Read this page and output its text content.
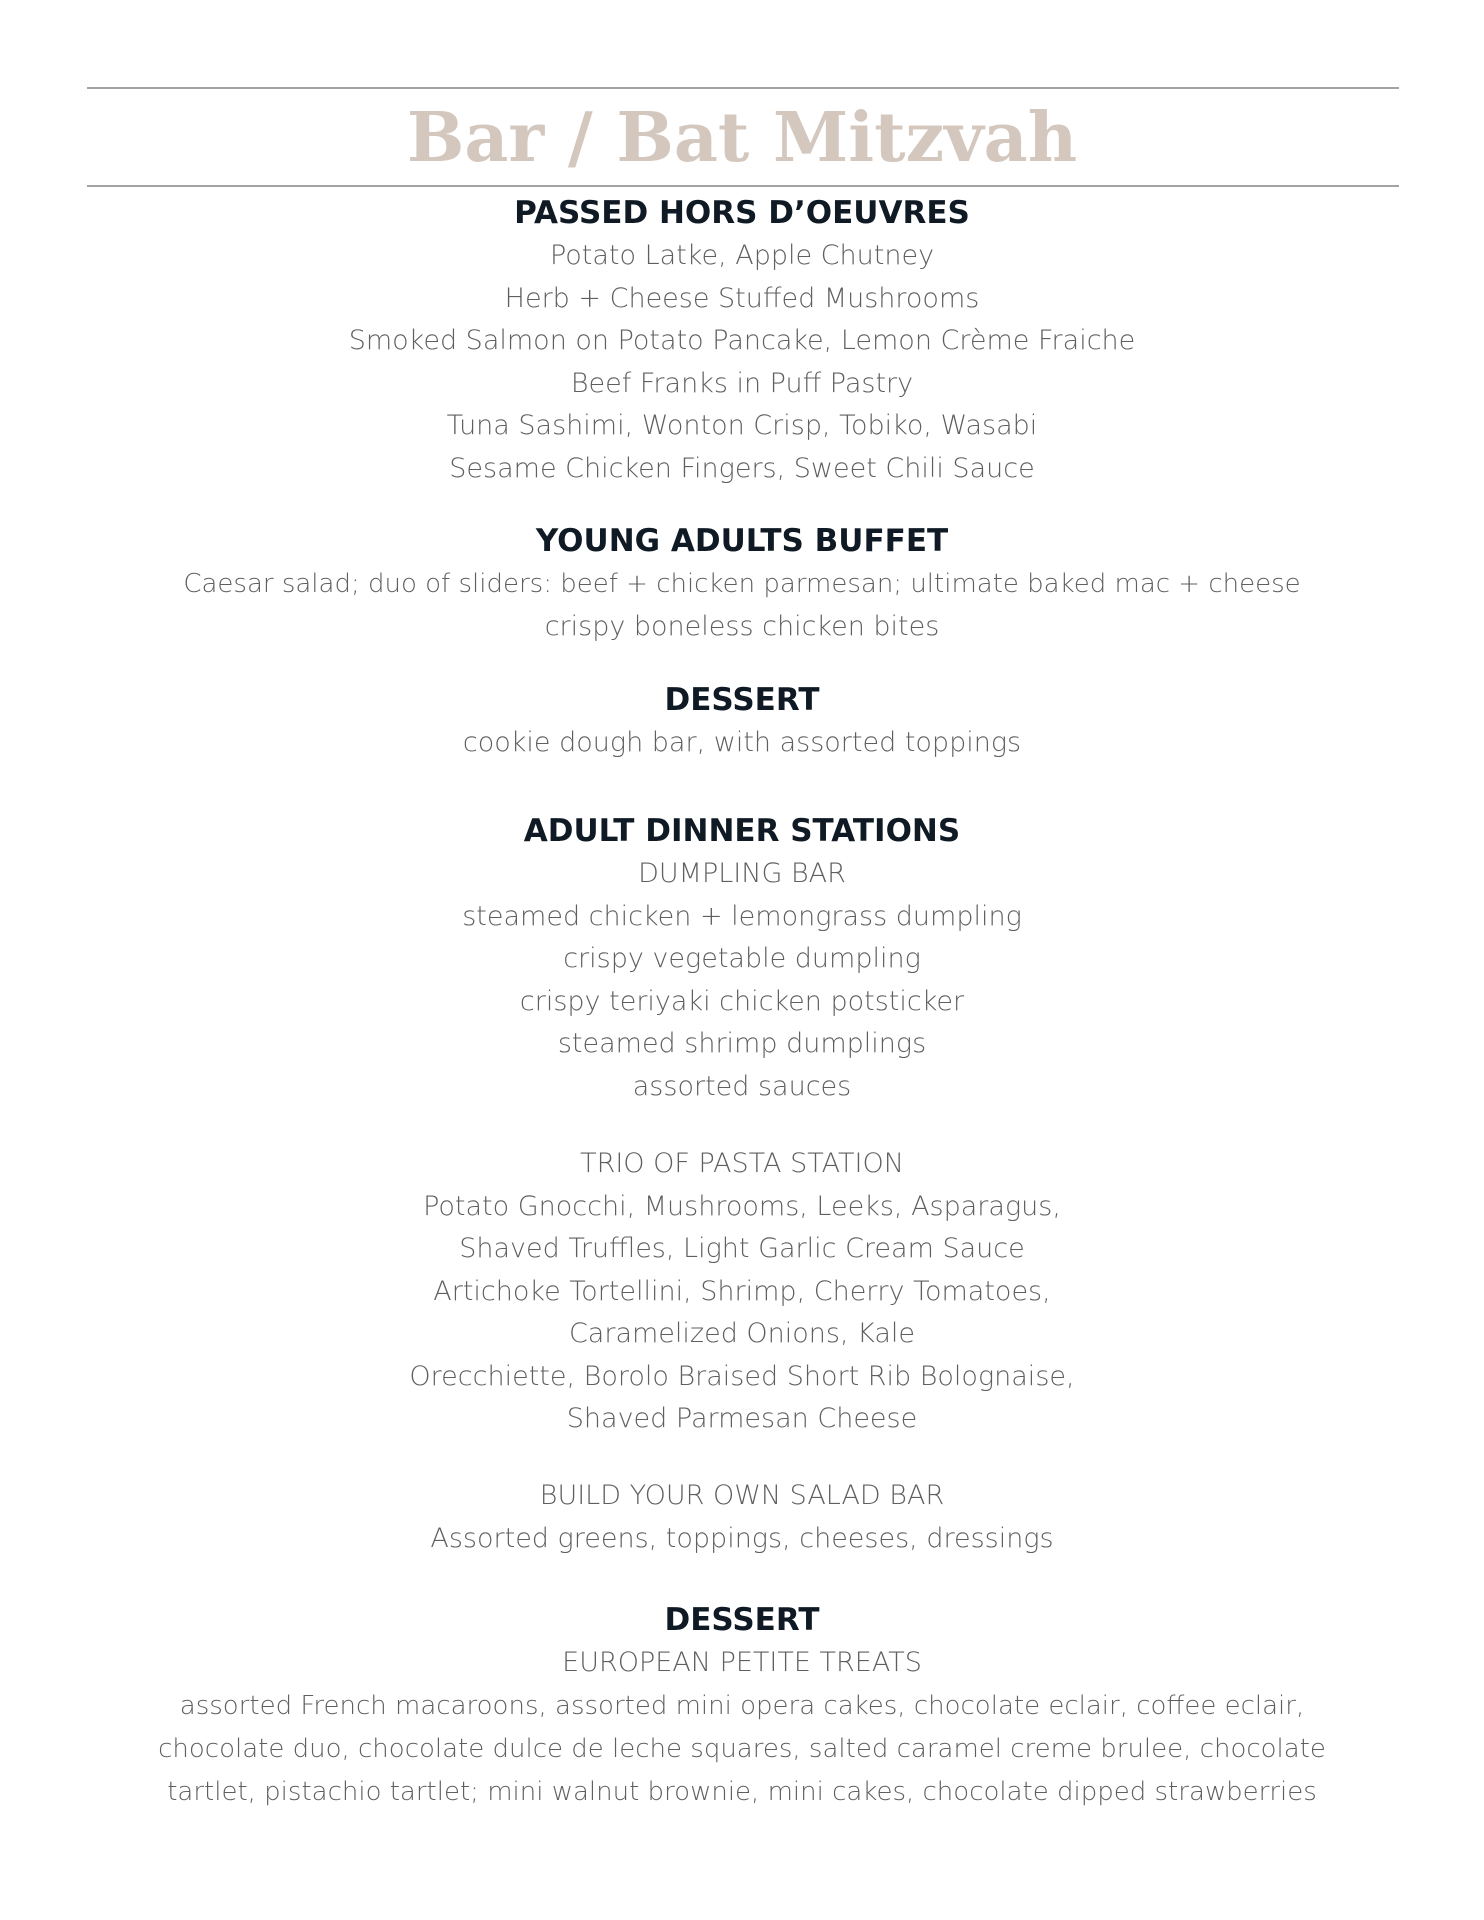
Bar / Bat Mitzvah

PASSED HORS D’OEUVRES

Potato Latke, Apple Chutney

Herb + Cheese Stuffed Mushrooms

Smoked Salmon on Potato Pancake, Lemon Crème Fraiche

Beef Franks in Puff Pastry

Tuna Sashimi, Wonton Crisp, Tobiko, Wasabi

Sesame Chicken Fingers, Sweet Chili Sauce

YOUNG ADULTS BUFFET

Caesar salad; duo of sliders: beef + chicken parmesan; ultimate baked mac + cheese

crispy boneless chicken bites

DESSERT

cookie dough bar, with assorted toppings

ADULT DINNER STATIONS

DUMPLING BAR

steamed chicken + lemongrass dumpling

crispy vegetable dumpling

crispy teriyaki chicken potsticker

steamed shrimp dumplings

assorted sauces

TRIO OF PASTA STATION

Potato Gnocchi, Mushrooms, Leeks, Asparagus,

Shaved Truffles, Light Garlic Cream Sauce

Artichoke Tortellini, Shrimp, Cherry Tomatoes,

Caramelized Onions, Kale

Orecchiette, Borolo Braised Short Rib Bolognaise,

Shaved Parmesan Cheese

BUILD YOUR OWN SALAD BAR

Assorted greens, toppings, cheeses, dressings

DESSERT

EUROPEAN PETITE TREATS

assorted French macaroons, assorted mini opera cakes, chocolate eclair, coffee eclair,

chocolate duo, chocolate dulce de leche squares, salted caramel creme brulee, chocolate

tartlet, pistachio tartlet; mini walnut brownie, mini cakes, chocolate dipped strawberries
